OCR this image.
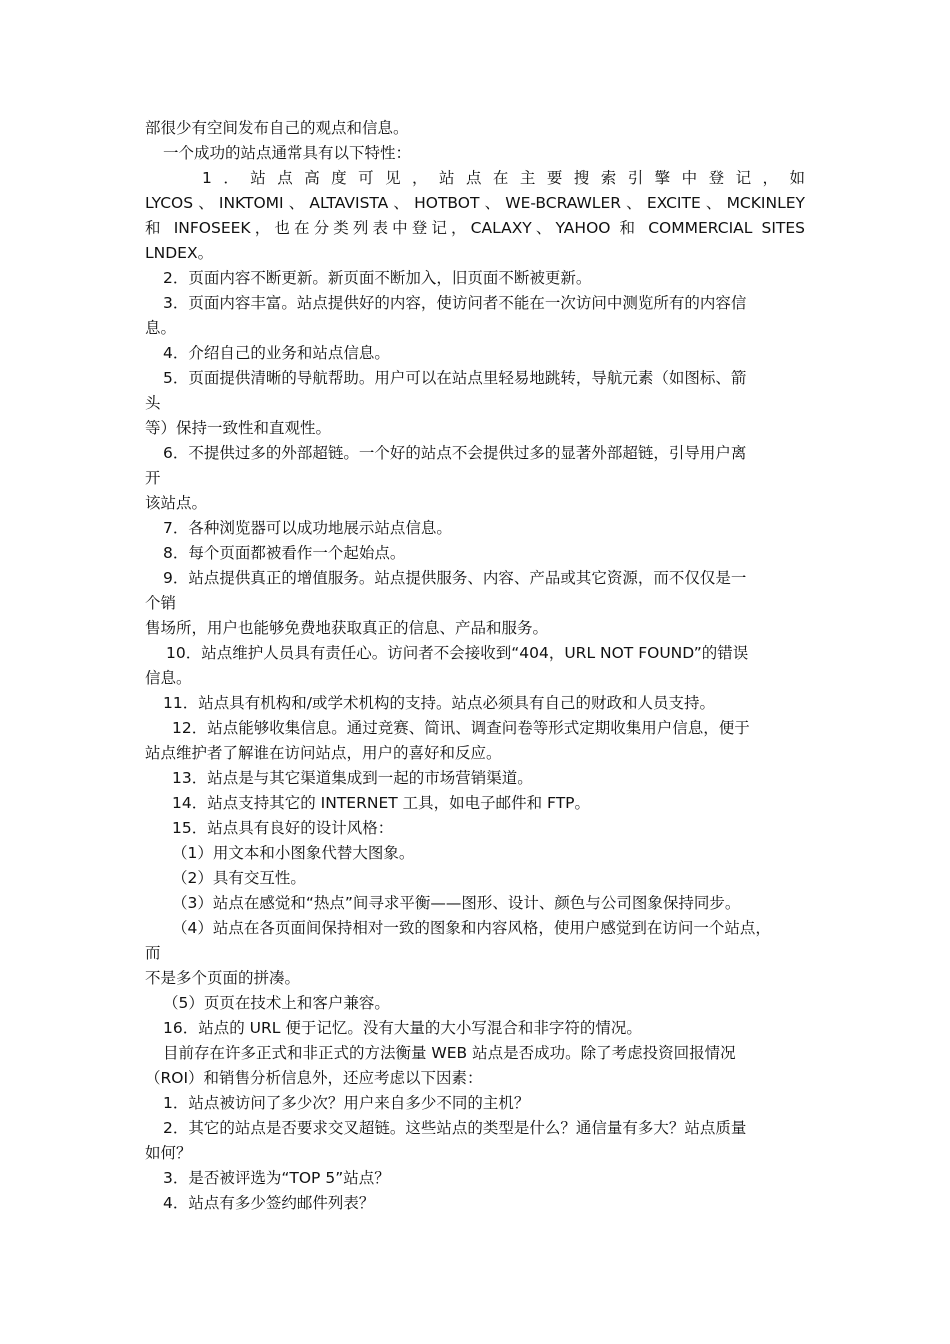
部很少有空间发布自己的观点和信息。
一个成功的站点通常具有以下特性：
1．站点高度可见，站点在主要搜索引擎中登记，如
LYCOS、INKTOMI、ALTAVISTA、HOTBOT、WE-BCRAWLER、EXCITE、MCKINLEY
和 INFOSEEK，也在分类列表中登记，CALAXY、YAHOO 和 COMMERCIAL SITES
LNDEX。
2．页面内容不断更新。新页面不断加入，旧页面不断被更新。
3．页面内容丰富。站点提供好的内容，使访问者不能在一次访问中测览所有的内容信
息。
4．介绍自己的业务和站点信息。
5．页面提供清晰的导航帮助。用户可以在站点里轻易地跳转，导航元素（如图标、箭
头
等）保持一致性和直观性。
6．不提供过多的外部超链。一个好的站点不会提供过多的显著外部超链，引导用户离
开
该站点。
7．各种浏览器可以成功地展示站点信息。
8．每个页面都被看作一个起始点。
9．站点提供真正的增值服务。站点提供服务、内容、产品或其它资源，而不仅仅是一
个销
售场所，用户也能够免费地获取真正的信息、产品和服务。
10．站点维护人员具有责任心。访问者不会接收到“404，URL NOT FOUND”的错误
信息。
11．站点具有机构和/或学术机构的支持。站点必须具有自己的财政和人员支持。
12．站点能够收集信息。通过竞赛、简讯、调查问卷等形式定期收集用户信息，便于
站点维护者了解谁在访问站点，用户的喜好和反应。
13．站点是与其它渠道集成到一起的市场营销渠道。
14．站点支持其它的 INTERNET 工具，如电子邮件和 FTP。
15．站点具有良好的设计风格：
（1）用文本和小图象代替大图象。
（2）具有交互性。
（3）站点在感觉和“热点”间寻求平衡——图形、设计、颜色与公司图象保持同步。
（4）站点在各页面间保持相对一致的图象和内容风格，使用户感觉到在访问一个站点，
而
不是多个页面的拼凑。
（5）页页在技术上和客户兼容。
16．站点的 URL 便于记忆。没有大量的大小写混合和非字符的情况。
目前存在许多正式和非正式的方法衡量 WEB 站点是否成功。除了考虑投资回报情况
（ROI）和销售分析信息外，还应考虑以下因素：
1．站点被访问了多少次？用户来自多少不同的主机？
2．其它的站点是否要求交叉超链。这些站点的类型是什么？通信量有多大？站点质量
如何？
3．是否被评选为“TOP 5”站点？
4．站点有多少签约邮件列表？
